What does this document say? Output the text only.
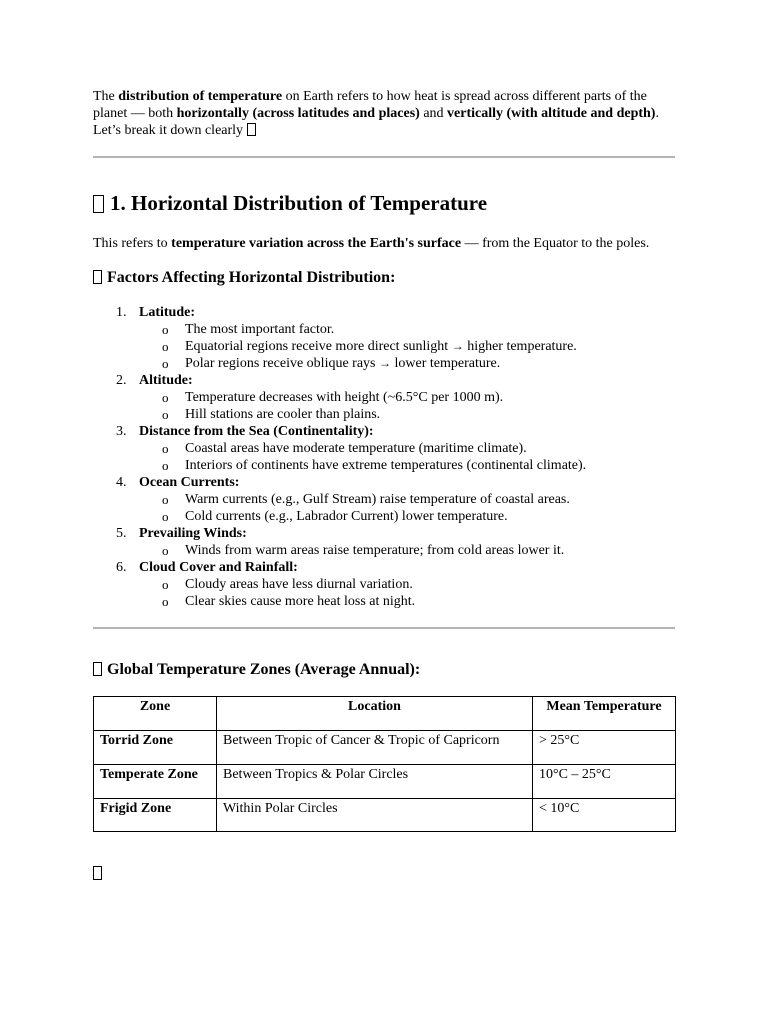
The distribution of temperature on Earth refers to how heat is spread across different parts of the planet — both horizontally (across latitudes and places) and vertically (with altitude and depth).

Let’s break it down clearly

1. Horizontal Distribution of Temperature

This refers to temperature variation across the Earth's surface — from the Equator to the poles.

Factors Affecting Horizontal Distribution:
1. Latitude:
o The most important factor.
o Equatorial regions receive more direct sunlight → higher temperature.
o Polar regions receive oblique rays → lower temperature.
2. Altitude:
o Temperature decreases with height (~6.5°C per 1000 m).
o Hill stations are cooler than plains.
3. Distance from the Sea (Continentality):
o Coastal areas have moderate temperature (maritime climate).
o Interiors of continents have extreme temperatures (continental climate).
4. Ocean Currents:
o Warm currents (e.g., Gulf Stream) raise temperature of coastal areas.
o Cold currents (e.g., Labrador Current) lower temperature.
5. Prevailing Winds:
o Winds from warm areas raise temperature; from cold areas lower it.
6. Cloud Cover and Rainfall:
o Cloudy areas have less diurnal variation.
o Clear skies cause more heat loss at night.
Global Temperature Zones (Average Annual):
Zone	Location	Mean Temperature
Torrid Zone	Between Tropic of Cancer & Tropic of Capricorn	> 25°C
Temperate Zone	Between Tropics & Polar Circles	10°C – 25°C
Frigid Zone	Within Polar Circles	< 10°C
